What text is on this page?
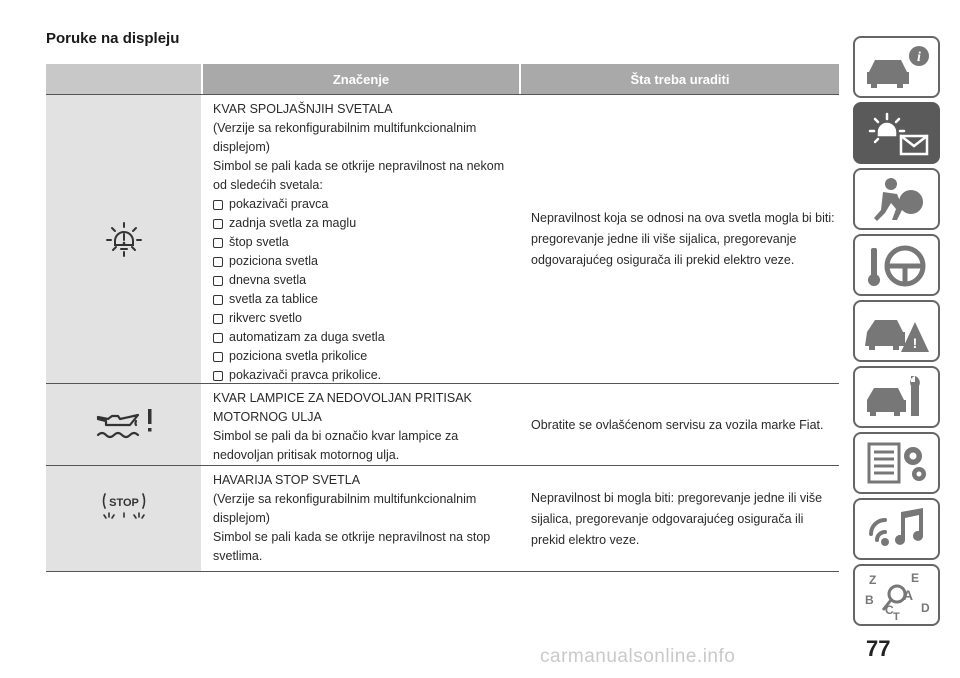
Poruke na displeju
Značenje	Šta treba uraditi
KVAR SPOLJAŠNJIH SVETALA
(Verzije sa rekonfigurabilnim multifunkcionalnim
displejom)
Simbol se pali kada se otkrije nepravilnost na nekom
od sledećih svetala:
pokazivači pravca
zadnja svetla za maglu
štop svetla
poziciona svetla
dnevna svetla
svetla za tablice
rikverc svetlo
automatizam za duga svetla
poziciona svetla prikolice
pokazivači pravca prikolice.
Nepravilnost koja se odnosi na ova svetla mogla bi biti: pregorevanje jedne ili više sijalica, pregorevanje odgovarajućeg osigurača ili prekid elektro veze.
KVAR LAMPICE ZA NEDOVOLJAN PRITISAK
MOTORNOG ULJA
Simbol se pali da bi označio kvar lampice za
nedovoljan pritisak motornog ulja.
Obratite se ovlašćenom servisu za vozila marke Fiat.
STOP
HAVARIJA STOP SVETLA
(Verzije sa rekonfigurabilnim multifunkcionalnim
displejom)
Simbol se pali kada se otkrije nepravilnost na stop
svetlima.
Nepravilnost bi mogla biti: pregorevanje jedne ili više sijalica, pregorevanje odgovarajućeg osigurača ili prekid elektro veze.
i
!
Z	E
B A
C D
T
77
carmanualsonline.info
